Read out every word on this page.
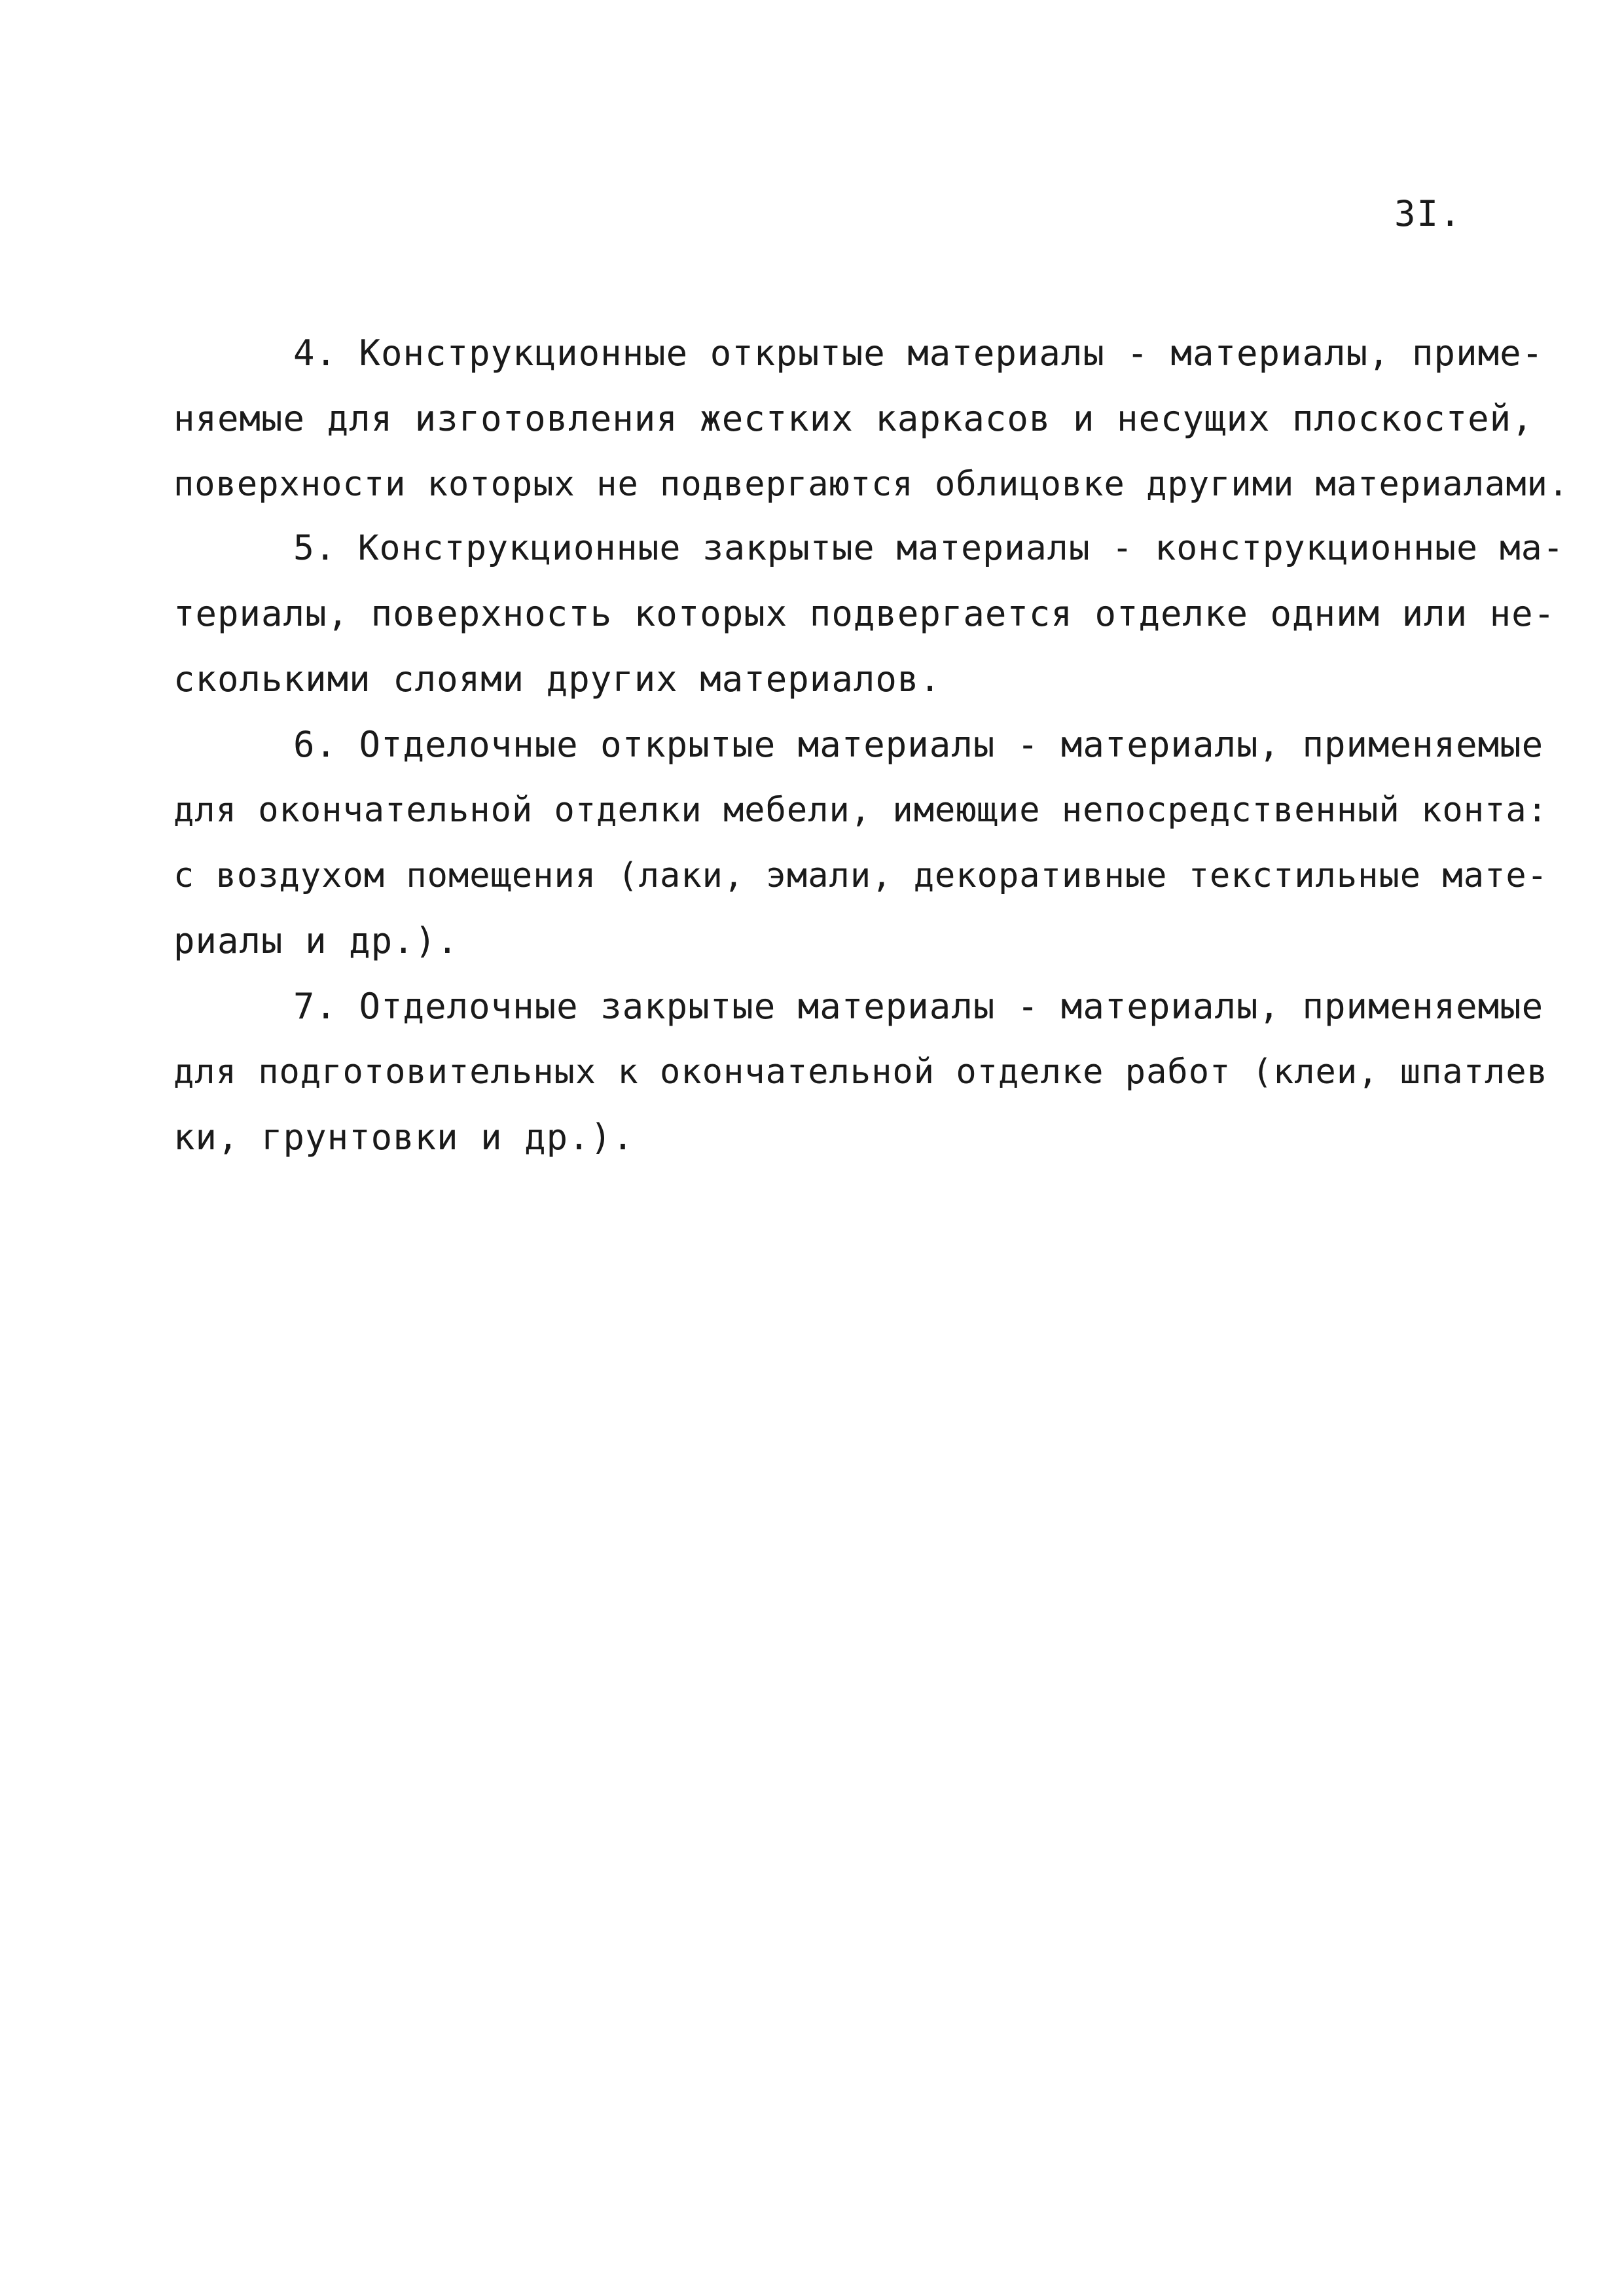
3I.
4. Конструкционные открытые материалы - материалы, приме-
няемые для изготовления жестких каркасов и несущих плоскостей,
поверхности которых не подвергаются облицовке другими материалами.
5. Конструкционные закрытые материалы - конструкционные ма-
териалы, поверхность которых подвергается отделке одним или не-
сколькими слоями других материалов.
6. Отделочные открытые материалы - материалы, применяемые
для окончательной отделки мебели, имеющие непосредственный конта:
с воздухом помещения (лаки, эмали, декоративные текстильные мате-
риалы и др.).
7. Отделочные закрытые материалы - материалы, применяемые
для подготовительных к окончательной отделке работ (клеи, шпатлев
ки, грунтовки и др.).
